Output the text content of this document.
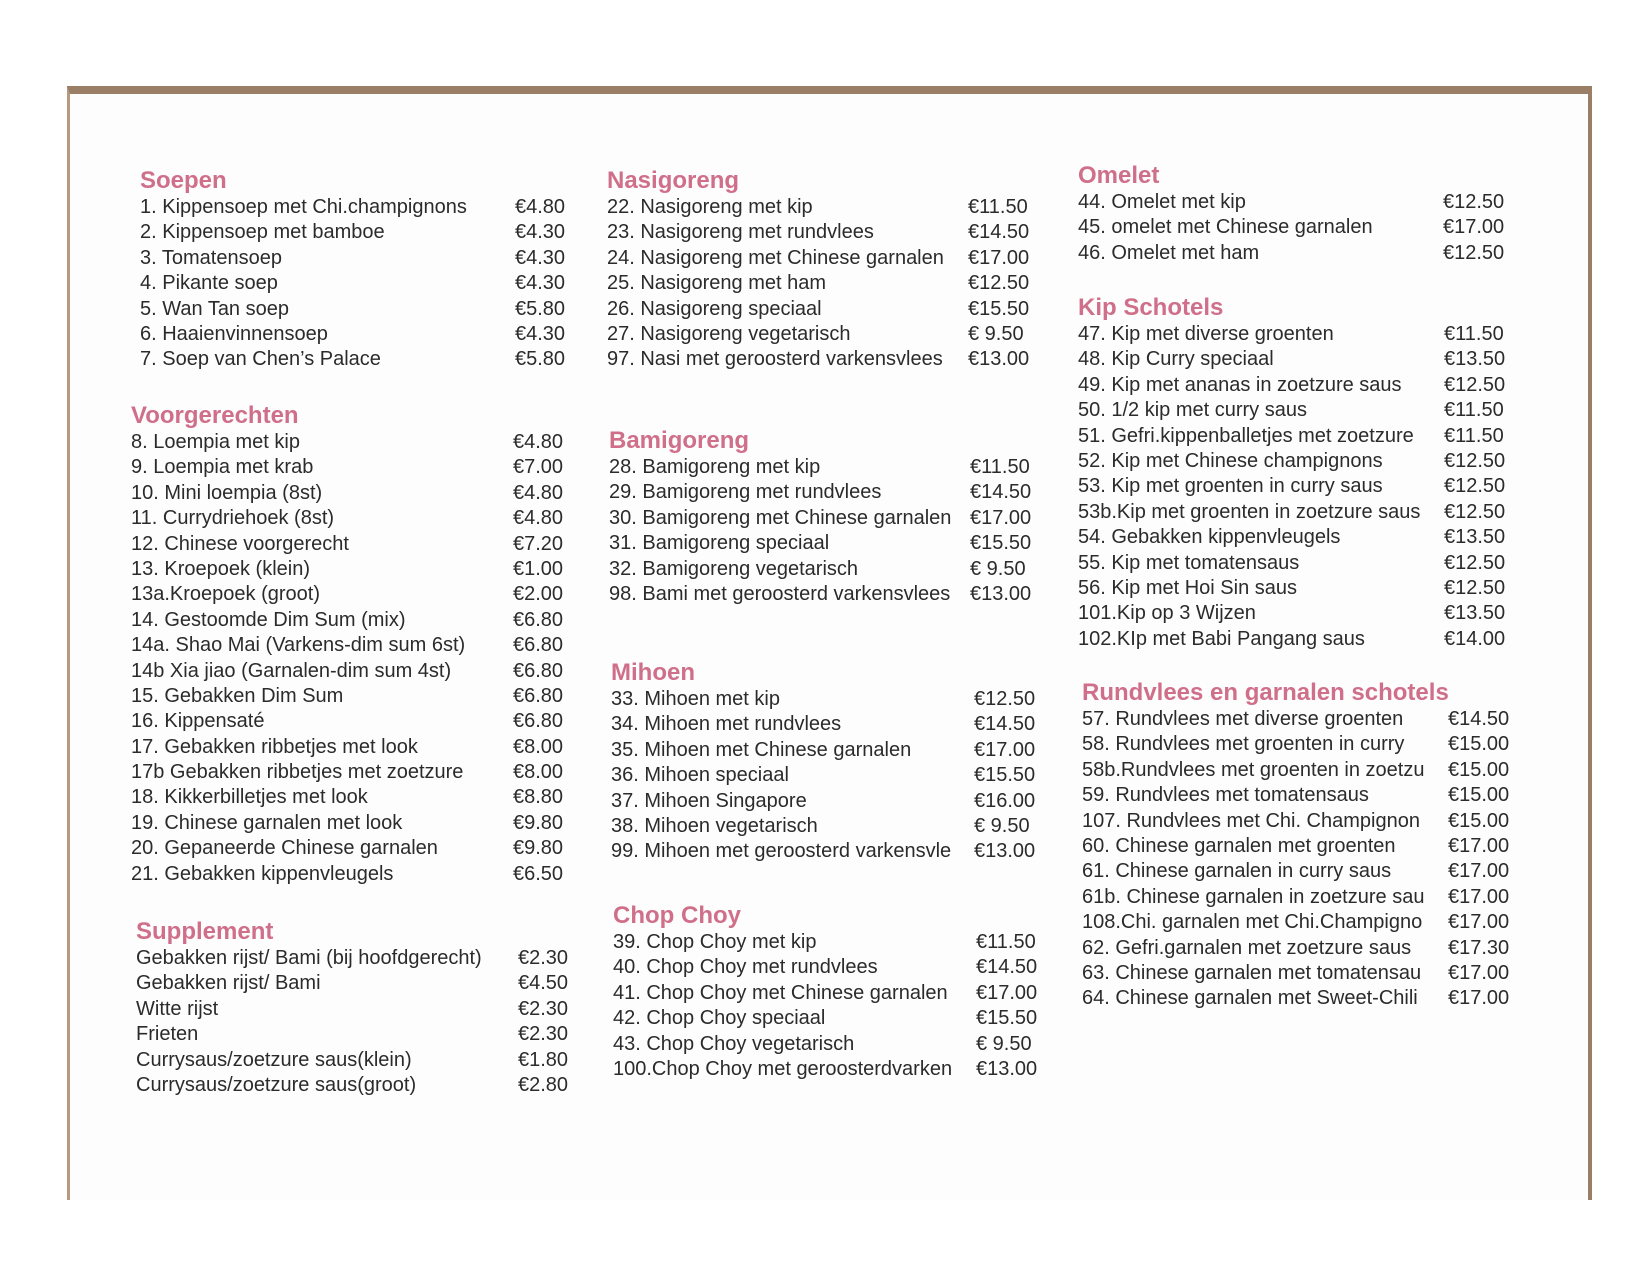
Soepen
1. Kippensoep met Chi.champignons €4.80
2. Kippensoep met bamboe	€4.30
3. Tomatensoep	€4.30
4. Pikante soep	€4.30
5. Wan Tan soep	€5.80
6. Haaienvinnensoep	€4.30
7. Soep van Chen’s Palace	€5.80
Voorgerechten
8. Loempia met kip	€4.80
9. Loempia met krab	€7.00
10. Mini loempia (8st)	€4.80
11. Currydriehoek (8st)	€4.80
12. Chinese voorgerecht	€7.20
13. Kroepoek (klein)	€1.00
13a.Kroepoek (groot)	€2.00
14. Gestoomde Dim Sum (mix)	€6.80
14a. Shao Mai (Varkens-dim sum 6st) €6.80
14b Xia jiao (Garnalen-dim sum 4st)	€6.80
15. Gebakken Dim Sum	€6.80
16. Kippensaté	€6.80
17. Gebakken ribbetjes met look	€8.00
17b Gebakken ribbetjes met zoetzure €8.00
18. Kikkerbilletjes met look	€8.80
19. Chinese garnalen met look	€9.80
20. Gepaneerde Chinese garnalen	€9.80
21. Gebakken kippenvleugels	€6.50
Supplement
Gebakken rijst/ Bami (bij hoofdgerecht) €2.30
Gebakken rijst/ Bami	€4.50
Witte rijst	€2.30
Frieten	€2.30
Currysaus/zoetzure saus(klein)	€1.80
Currysaus/zoetzure saus(groot)	€2.80
Nasigoreng
22. Nasigoreng met kip	€11.50
23. Nasigoreng met rundvlees	€14.50
24. Nasigoreng met Chinese garnalen €17.00
25. Nasigoreng met ham	€12.50
26. Nasigoreng speciaal	€15.50
27. Nasigoreng vegetarisch	€ 9.50
97. Nasi met geroosterd varkensvlees €13.00
Bamigoreng
28. Bamigoreng met kip	€11.50
29. Bamigoreng met rundvlees	€14.50
30. Bamigoreng met Chinese garnalen €17.00
31. Bamigoreng speciaal	€15.50
32. Bamigoreng vegetarisch	€ 9.50
98. Bami met geroosterd varkensvlees €13.00
Mihoen
33. Mihoen met kip	€12.50
34. Mihoen met rundvlees	€14.50
35. Mihoen met Chinese garnalen	€17.00
36. Mihoen speciaal	€15.50
37. Mihoen Singapore	€16.00
38. Mihoen vegetarisch	€ 9.50
99. Mihoen met geroosterd varkensvle €13.00
Chop Choy
39. Chop Choy met kip	€11.50
40. Chop Choy met rundvlees	€14.50
41. Chop Choy met Chinese garnalen €17.00
42. Chop Choy speciaal	€15.50
43. Chop Choy vegetarisch	€ 9.50
100.Chop Choy met geroosterdvarken €13.00
Omelet
44. Omelet met kip	€12.50
45. omelet met Chinese garnalen	€17.00
46. Omelet met ham	€12.50
Kip Schotels
47. Kip met diverse groenten	€11.50
48. Kip Curry speciaal	€13.50
49. Kip met ananas in zoetzure saus €12.50
50. 1/2 kip met curry saus	€11.50
51. Gefri.kippenballetjes met zoetzure €11.50
52. Kip met Chinese champignons	€12.50
53. Kip met groenten in curry saus	€12.50
53b.Kip met groenten in zoetzure saus €12.50
54. Gebakken kippenvleugels	€13.50
55. Kip met tomatensaus	€12.50
56. Kip met Hoi Sin saus	€12.50
101.Kip op 3 Wijzen	€13.50
102.KIp met Babi Pangang saus	€14.00
Rundvlees en garnalen schotels
57. Rundvlees met diverse groenten €14.50
58. Rundvlees met groenten in curry €15.00
58b.Rundvlees met groenten in zoetzu €15.00
59. Rundvlees met tomatensaus	€15.00
107. Rundvlees met Chi. Champignon €15.00
60. Chinese garnalen met groenten	€17.00
61. Chinese garnalen in curry saus	€17.00
61b. Chinese garnalen in zoetzure sau €17.00
108.Chi. garnalen met Chi.Champigno €17.00
62. Gefri.garnalen met zoetzure saus €17.30
63. Chinese garnalen met tomatensau €17.00
64. Chinese garnalen met Sweet-Chili €17.00
